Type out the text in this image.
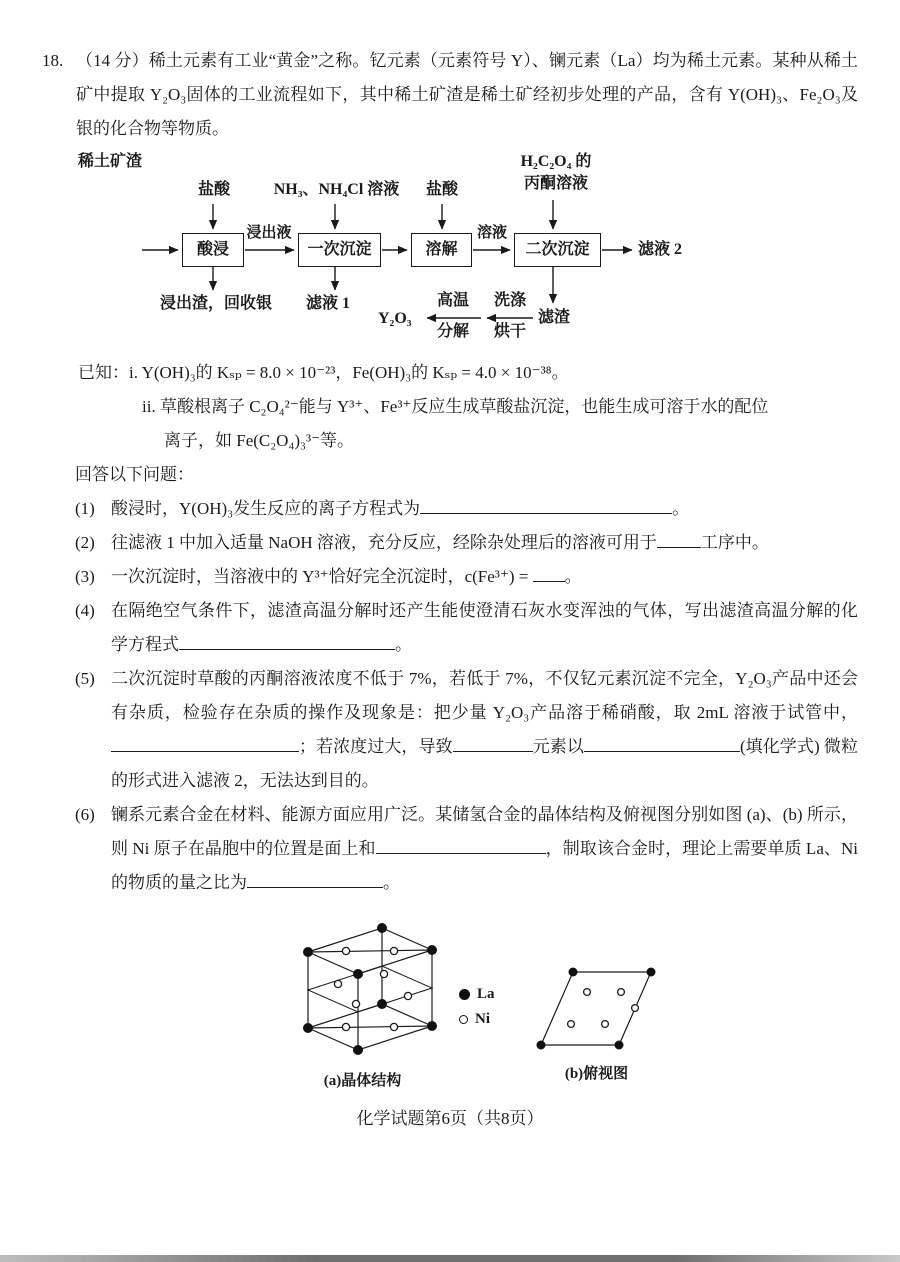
18. （14 分）稀土元素有工业“黄金”之称。钇元素（元素符号 Y）、镧元素（La）均为稀土元素。某种从稀土矿中提取 Y₂O₃固体的工业流程如下，其中稀土矿渣是稀土矿经初步处理的产品，含有 Y(OH)₃、Fe₂O₃及银的化合物等物质。
稀土矿渣
盐酸
酸浸
浸出液
NH₃、NH₄Cl 溶液
一次沉淀
盐酸
溶解
溶液
H₂C₂O₄ 的
丙酮溶液
二次沉淀	滤液 2
浸出渣，回收银 滤液 1
滤渣
洗涤
烘干
高温
分解
Y₂O₃
已知：i. Y(OH)₃的 Kₛₚ = 8.0 × 10⁻²³，Fe(OH)₃的 Kₛₚ = 4.0 × 10⁻³⁸。
ii. 草酸根离子 C₂O₄²⁻能与 Y³⁺、Fe³⁺反应生成草酸盐沉淀，也能生成可溶于水的配位
离子，如 Fe(C₂O₄)₃³⁻等。
回答以下问题：
(1) 酸浸时，Y(OH)₃发生反应的离子方程式为	。
(2) 往滤液 1 中加入适量 NaOH 溶液，充分反应，经除杂处理后的溶液可用于	工序中。
(3) 一次沉淀时，当溶液中的 Y³⁺恰好完全沉淀时，c(Fe³⁺) = 。
(4) 在隔绝空气条件下，滤渣高温分解时还产生能使澄清石灰水变浑浊的气体，写出滤渣高温分解的化学方程式	。
(5) 二次沉淀时草酸的丙酮溶液浓度不低于 7%，若低于 7%，不仅钇元素沉淀不完全，Y₂O₃产品中还会有杂质，检验存在杂质的操作及现象是：把少量 Y₂O₃产品溶于稀硝酸，取 2mL 溶液于试管中，；若浓度过大，导致	元素以	(填化学式) 微粒的形式进入滤液 2，无法达到目的。
(6) 镧系元素合金在材料、能源方面应用广泛。某储氢合金的晶体结构及俯视图分别如图 (a)、(b) 所示，则 Ni 原子在晶胞中的位置是面上和	，制取该合金时，理论上需要单质 La、Ni 的物质的量之比为	。
(a)晶体结构
La
Ni
(b)俯视图
化学试题第6页（共8页）
